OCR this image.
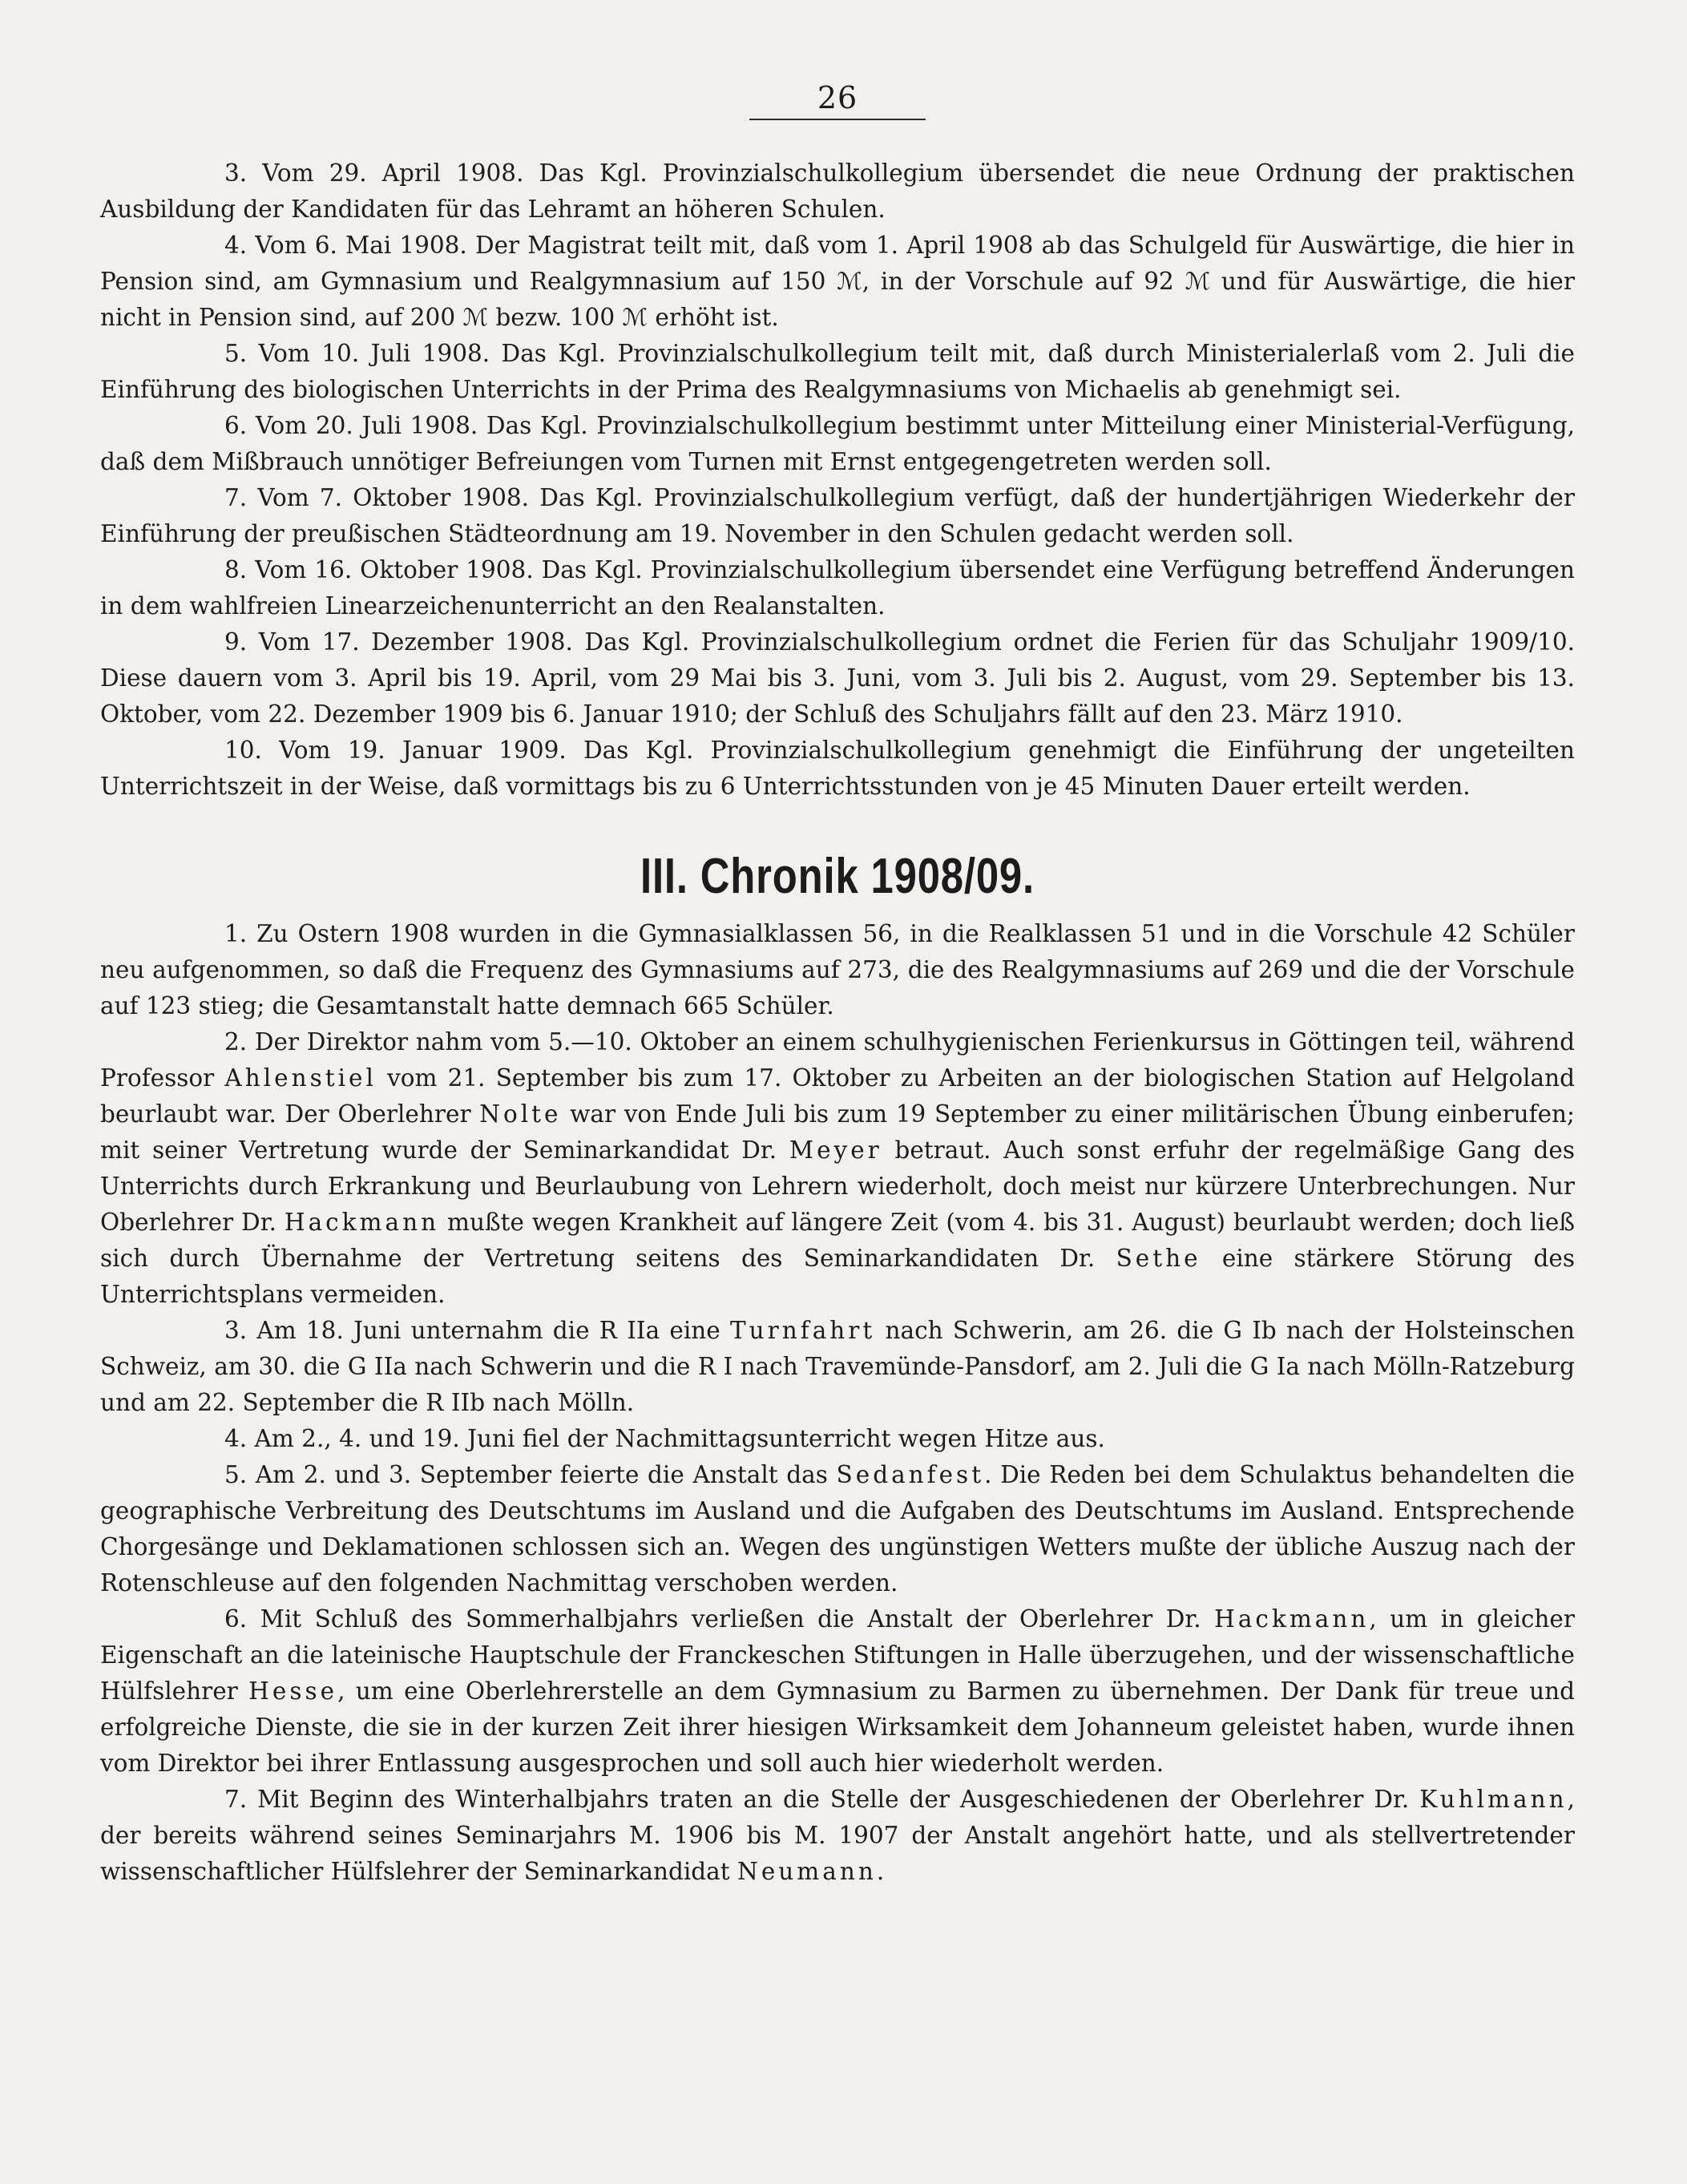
26

3. Vom 29. April 1908. Das Kgl. Provinzialschulkollegium übersendet die neue Ordnung der praktischen Ausbildung der Kandidaten für das Lehramt an höheren Schulen.

4. Vom 6. Mai 1908. Der Magistrat teilt mit, daß vom 1. April 1908 ab das Schulgeld für Auswärtige, die hier in Pension sind, am Gymnasium und Realgymnasium auf 150 ℳ, in der Vorschule auf 92 ℳ und für Auswärtige, die hier nicht in Pension sind, auf 200 ℳ bezw. 100 ℳ erhöht ist.

5. Vom 10. Juli 1908. Das Kgl. Provinzialschulkollegium teilt mit, daß durch Ministerialerlaß vom 2. Juli die Einführung des biologischen Unterrichts in der Prima des Realgymnasiums von Michaelis ab genehmigt sei.

6. Vom 20. Juli 1908. Das Kgl. Provinzialschulkollegium bestimmt unter Mitteilung einer Ministerial-Verfügung, daß dem Mißbrauch unnötiger Befreiungen vom Turnen mit Ernst entgegengetreten werden soll.

7. Vom 7. Oktober 1908. Das Kgl. Provinzialschulkollegium verfügt, daß der hundertjährigen Wiederkehr der Einführung der preußischen Städteordnung am 19. November in den Schulen gedacht werden soll.

8. Vom 16. Oktober 1908. Das Kgl. Provinzialschulkollegium übersendet eine Verfügung betreffend Änderungen in dem wahlfreien Linearzeichenunterricht an den Realanstalten.

9. Vom 17. Dezember 1908. Das Kgl. Provinzialschulkollegium ordnet die Ferien für das Schuljahr 1909/10. Diese dauern vom 3. April bis 19. April, vom 29 Mai bis 3. Juni, vom 3. Juli bis 2. August, vom 29. September bis 13. Oktober, vom 22. Dezember 1909 bis 6. Januar 1910; der Schluß des Schuljahrs fällt auf den 23. März 1910.

10. Vom 19. Januar 1909. Das Kgl. Provinzialschulkollegium genehmigt die Einführung der ungeteilten Unterrichtszeit in der Weise, daß vormittags bis zu 6 Unterrichtsstunden von je 45 Minuten Dauer erteilt werden.

III. Chronik 1908/09.

1. Zu Ostern 1908 wurden in die Gymnasialklassen 56, in die Realklassen 51 und in die Vorschule 42 Schüler neu aufgenommen, so daß die Frequenz des Gymnasiums auf 273, die des Realgymnasiums auf 269 und die der Vorschule auf 123 stieg; die Gesamtanstalt hatte demnach 665 Schüler.

2. Der Direktor nahm vom 5.—10. Oktober an einem schulhygienischen Ferienkursus in Göttingen teil, während Professor Ahlenstiel vom 21. September bis zum 17. Oktober zu Arbeiten an der biologischen Station auf Helgoland beurlaubt war. Der Oberlehrer Nolte war von Ende Juli bis zum 19 September zu einer militärischen Übung einberufen; mit seiner Vertretung wurde der Seminarkandidat Dr. Meyer betraut. Auch sonst erfuhr der regelmäßige Gang des Unterrichts durch Erkrankung und Beurlaubung von Lehrern wiederholt, doch meist nur kürzere Unterbrechungen. Nur Oberlehrer Dr. Hackmann mußte wegen Krankheit auf längere Zeit (vom 4. bis 31. August) beurlaubt werden; doch ließ sich durch Übernahme der Vertretung seitens des Seminarkandidaten Dr. Sethe eine stärkere Störung des Unterrichtsplans vermeiden.

3. Am 18. Juni unternahm die R IIa eine Turnfahrt nach Schwerin, am 26. die G Ib nach der Holsteinschen Schweiz, am 30. die G IIa nach Schwerin und die R I nach Travemünde-Pansdorf, am 2. Juli die G Ia nach Mölln-Ratzeburg und am 22. September die R IIb nach Mölln.

4. Am 2., 4. und 19. Juni fiel der Nachmittagsunterricht wegen Hitze aus.

5. Am 2. und 3. September feierte die Anstalt das Sedanfest. Die Reden bei dem Schulaktus behandelten die geographische Verbreitung des Deutschtums im Ausland und die Aufgaben des Deutschtums im Ausland. Entsprechende Chorgesänge und Deklamationen schlossen sich an. Wegen des ungünstigen Wetters mußte der übliche Auszug nach der Rotenschleuse auf den folgenden Nachmittag verschoben werden.

6. Mit Schluß des Sommerhalbjahrs verließen die Anstalt der Oberlehrer Dr. Hackmann, um in gleicher Eigenschaft an die lateinische Hauptschule der Franckeschen Stiftungen in Halle überzugehen, und der wissenschaftliche Hülfslehrer Hesse, um eine Oberlehrerstelle an dem Gymnasium zu Barmen zu übernehmen. Der Dank für treue und erfolgreiche Dienste, die sie in der kurzen Zeit ihrer hiesigen Wirksamkeit dem Johanneum geleistet haben, wurde ihnen vom Direktor bei ihrer Entlassung ausgesprochen und soll auch hier wiederholt werden.

7. Mit Beginn des Winterhalbjahrs traten an die Stelle der Ausgeschiedenen der Oberlehrer Dr. Kuhlmann, der bereits während seines Seminarjahrs M. 1906 bis M. 1907 der Anstalt angehört hatte, und als stellvertretender wissenschaftlicher Hülfslehrer der Seminarkandidat Neumann.
